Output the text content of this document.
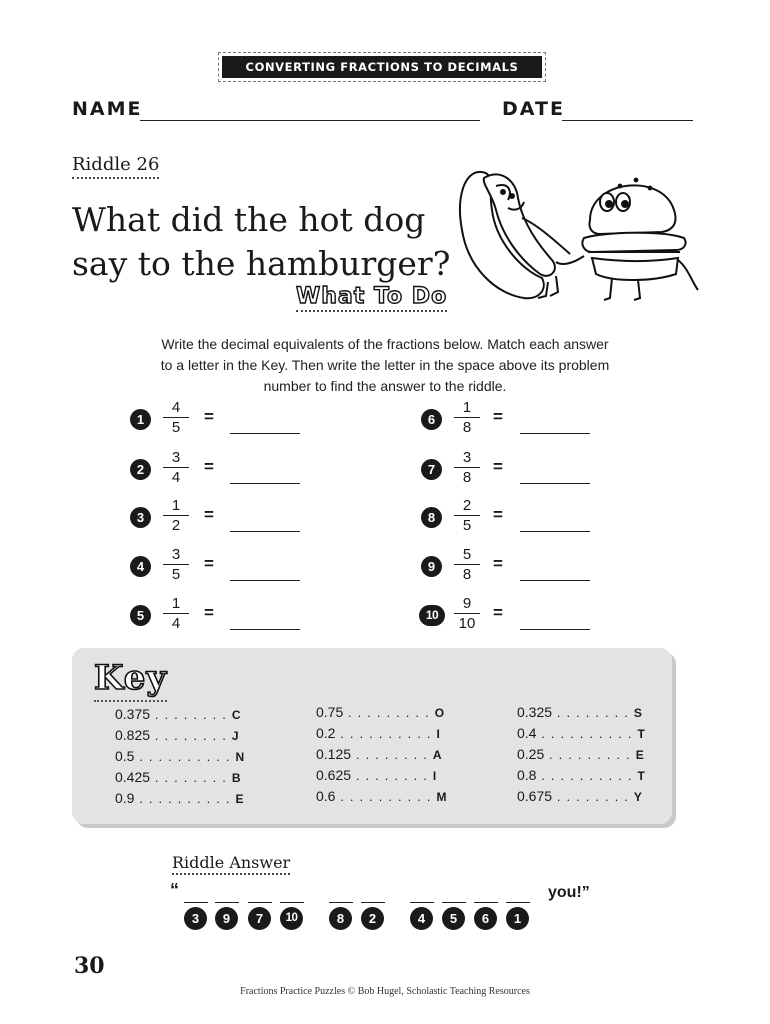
CONVERTING FRACTIONS TO DECIMALS
NAME	DATE
Riddle 26
What did the hot dog
say to the hamburger?
What To Do
Write the decimal equivalents of the fractions below. Match each answer
to a letter in the Key. Then write the letter in the space above its problem
number to find the answer to the riddle.
1	$\frac{4}{5}$ =
2	$\frac{3}{4}$ =
3	$\frac{1}{2}$ =
4	$\frac{3}{5}$ =
5	$\frac{1}{4}$ =
6	$\frac{1}{8}$ =
7	$\frac{3}{8}$ =
8	$\frac{2}{5}$ =
9	$\frac{5}{8}$ =
10	$\frac{9}{10}$ =
Key
0.375 . . . . . . . . C
0.825 . . . . . . . . J
0.5 . . . . . . . . . . N
0.425 . . . . . . . . B
0.9 . . . . . . . . . . E
0.75 . . . . . . . . . O
0.2 . . . . . . . . . . I
0.125 . . . . . . . . A
0.625 . . . . . . . . I
0.6 . . . . . . . . . . M
0.325 . . . . . . . . S
0.4 . . . . . . . . . . T
0.25 . . . . . . . . . E
0.8 . . . . . . . . . . T
0.675 . . . . . . . . Y
Riddle Answer
“
3	9	7	10	8	2	4	5	6	1
you!”
30
Fractions Practice Puzzles © Bob Hugel, Scholastic Teaching Resources
